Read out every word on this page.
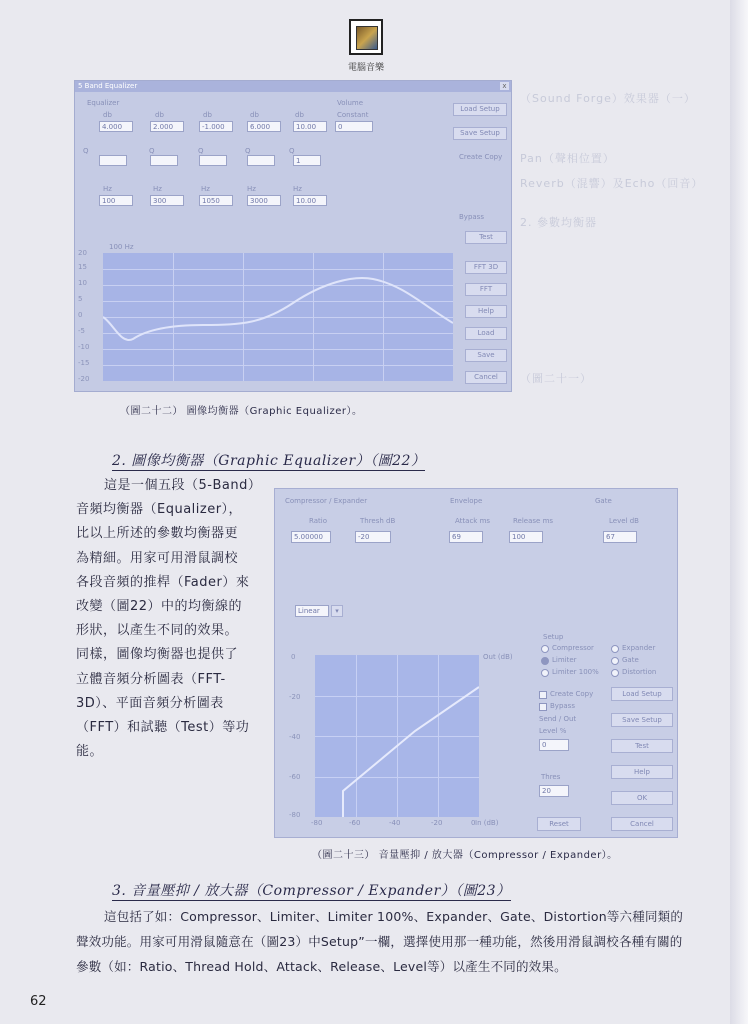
（Sound Forge）效果器（一）
Pan（聲相位置）
Reverb（混響）及Echo（回音）
2. 參數均衡器
（圖二十一）
電腦音樂
5 Band Equalizer	x
Equalizer
db	db	db	db	db
Volume
Constant
4.000	2.000	-1.000	6.000	10.00	0
Q	Q	Q	Q	Q
1
Hz	Hz	Hz	Hz	Hz
100	300	1050	3000	10.00
Load Setup
Save Setup
Create Copy
Bypass
Test
FFT 3D
FFT
Help
Load
Save
Cancel
100 Hz
20
15
10
5
0
-5
-10
-15
-20
（圖二十二） 圖像均衡器（Graphic Equalizer）。
2. 圖像均衡器（Graphic Equalizer）（圖22）
這是一個五段（5-Band）
音頻均衡器（Equalizer），
比以上所述的參數均衡器更
為精細。用家可用滑鼠調校
各段音頻的推桿（Fader）來
改變（圖22）中的均衡線的
形狀，以產生不同的效果。
同樣，圖像均衡器也提供了
立體音頻分析圖表（FFT-
3D）、平面音頻分析圖表
（FFT）和試聽（Test）等功
能。
Compressor / Expander	Envelope	Gate
Ratio	Thresh dB	Attack ms	Release ms	Level dB
5.00000	-20	69	100	67
Linear	▾
Out (dB)
In (dB)
0
-20
-40
-60
-80
-80	-60	-40	-20	0
Setup
Compressor
Limiter
Limiter 100%
Expander
Gate
Distortion
Create Copy
Bypass
Send / Out
Level %
0
Thres
20
Load Setup
Save Setup
Test
Help
OK
Cancel
Reset
（圖二十三） 音量壓抑 / 放大器（Compressor / Expander）。
3. 音量壓抑 / 放大器（Compressor / Expander）（圖23）
這包括了如：Compressor、Limiter、Limiter 100%、Expander、Gate、Distortion等六種同類的聲效功能。用家可用滑鼠隨意在（圖23）中Setup”一欄，選擇使用那一種功能，然後用滑鼠調校各種有關的參數（如：Ratio、Thread Hold、Attack、Release、Level等）以產生不同的效果。
62
